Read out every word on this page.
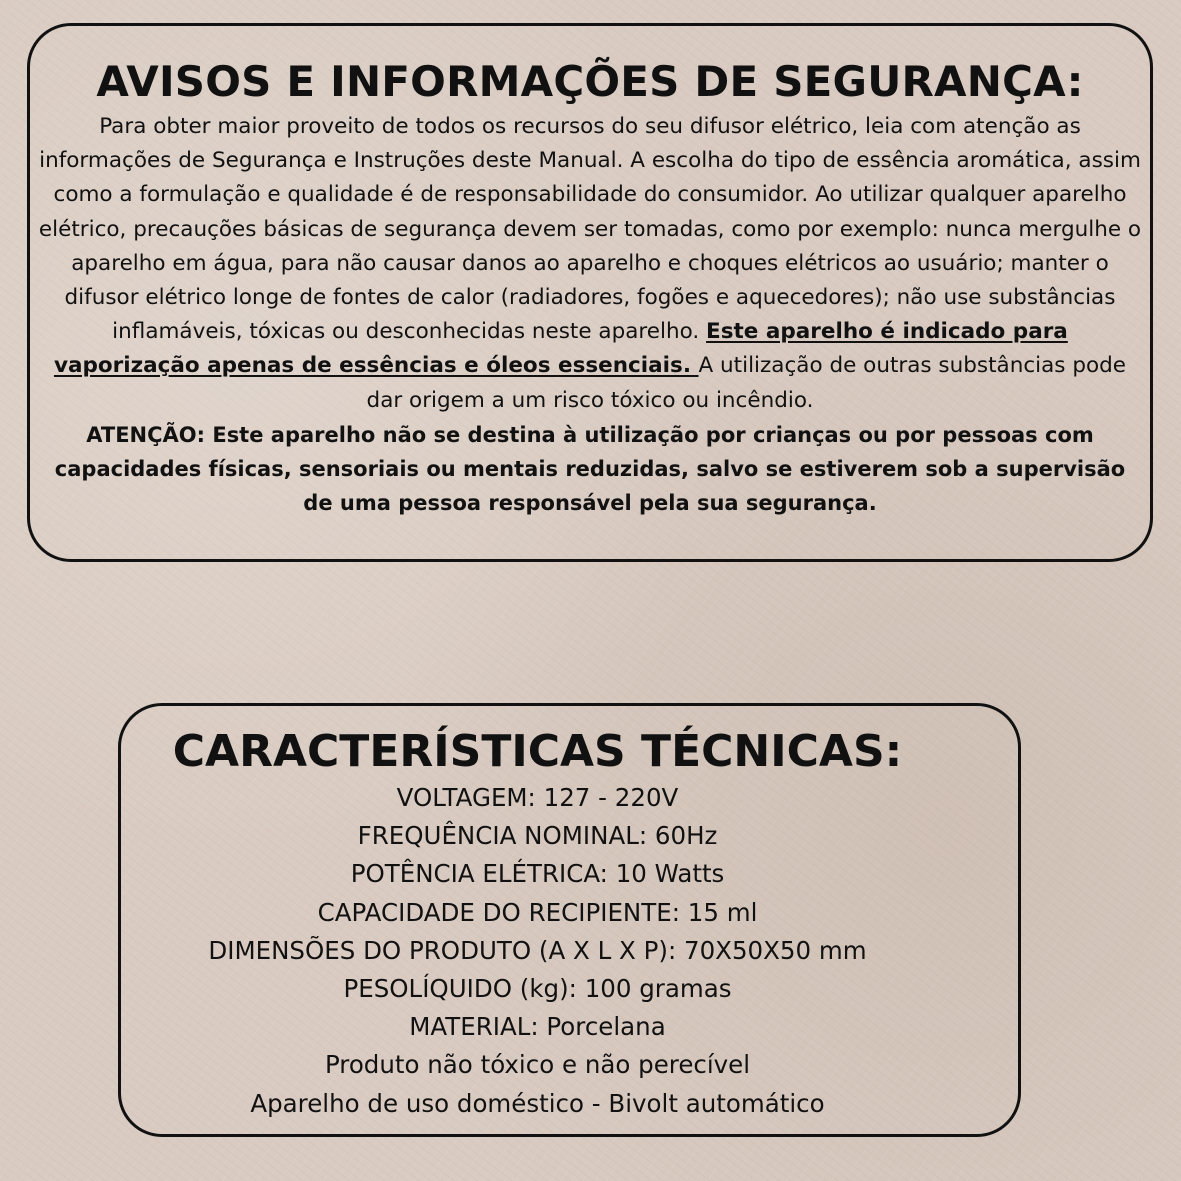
AVISOS E INFORMAÇÕES DE SEGURANÇA:

Para obter maior proveito de todos os recursos do seu difusor elétrico, leia com atenção as informações de Segurança e Instruções deste Manual. A escolha do tipo de essência aromática, assim como a formulação e qualidade é de responsabilidade do consumidor. Ao utilizar qualquer aparelho elétrico, precauções básicas de segurança devem ser tomadas, como por exemplo: nunca mergulhe o aparelho em água, para não causar danos ao aparelho e choques elétricos ao usuário; manter o difusor elétrico longe de fontes de calor (radiadores, fogões e aquecedores); não use substâncias inflamáveis, tóxicas ou desconhecidas neste aparelho. Este aparelho é indicado para vaporização apenas de essências e óleos essenciais. A utilização de outras substâncias pode dar origem a um risco tóxico ou incêndio.

ATENÇÃO: Este aparelho não se destina à utilização por crianças ou por pessoas com capacidades físicas, sensoriais ou mentais reduzidas, salvo se estiverem sob a supervisão de uma pessoa responsável pela sua segurança.

CARACTERÍSTICAS TÉCNICAS:
VOLTAGEM: 127 - 220V
FREQUÊNCIA NOMINAL: 60Hz
POTÊNCIA ELÉTRICA: 10 Watts
CAPACIDADE DO RECIPIENTE: 15 ml
DIMENSÕES DO PRODUTO (A X L X P): 70X50X50 mm
PESOLÍQUIDO (kg): 100 gramas
MATERIAL: Porcelana
Produto não tóxico e não perecível
Aparelho de uso doméstico - Bivolt automático
